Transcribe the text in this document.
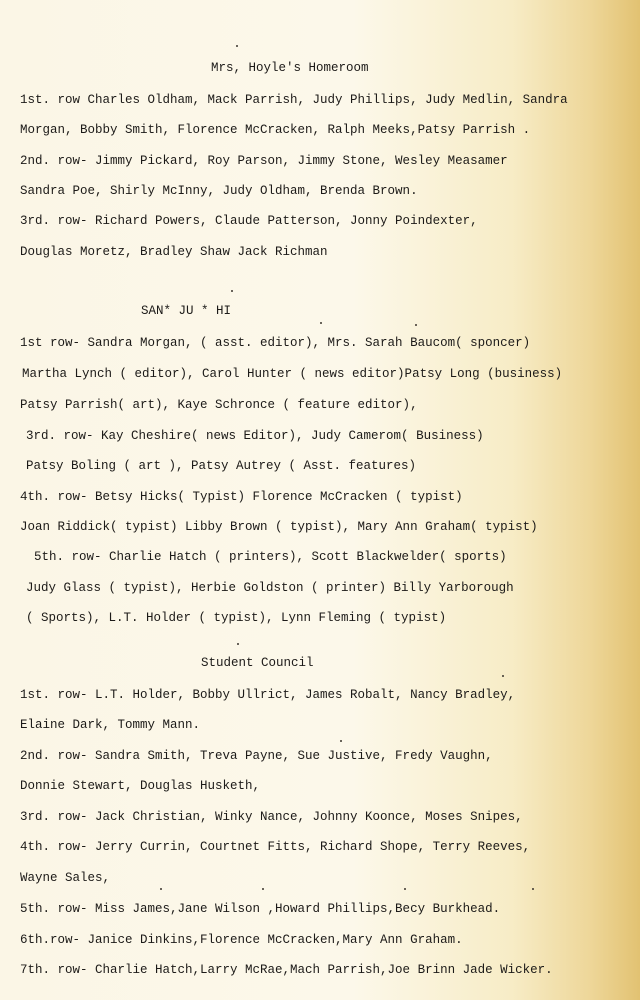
Mrs, Hoyle's Homeroom
1st. row Charles Oldham, Mack Parrish, Judy Phillips, Judy Medlin, Sandra
Morgan, Bobby Smith, Florence McCracken, Ralph Meeks,Patsy Parrish .
2nd. row- Jimmy Pickard, Roy Parson, Jimmy Stone, Wesley Measamer
Sandra Poe, Shirly McInny, Judy Oldham, Brenda Brown.
3rd. row- Richard Powers, Claude Patterson, Jonny Poindexter,
Douglas Moretz, Bradley Shaw Jack Richman
SAN* JU * HI
1st row- Sandra Morgan, ( asst. editor), Mrs. Sarah Baucom( sponcer)
Martha Lynch ( editor), Carol Hunter ( news editor)Patsy Long (business)
Patsy Parrish( art), Kaye Schronce ( feature editor),
3rd. row- Kay Cheshire( news Editor), Judy Camerom( Business)
Patsy Boling ( art ), Patsy Autrey ( Asst. features)
4th. row- Betsy Hicks( Typist) Florence McCracken ( typist)
Joan Riddick( typist) Libby Brown ( typist), Mary Ann Graham( typist)
5th. row- Charlie Hatch ( printers), Scott Blackwelder( sports)
Judy Glass ( typist), Herbie Goldston ( printer) Billy Yarborough
( Sports), L.T. Holder ( typist), Lynn Fleming ( typist)
Student Council
1st. row- L.T. Holder, Bobby Ullrict, James Robalt, Nancy Bradley,
Elaine Dark, Tommy Mann.
2nd. row- Sandra Smith, Treva Payne, Sue Justive, Fredy Vaughn,
Donnie Stewart, Douglas Husketh,
3rd. row- Jack Christian, Winky Nance, Johnny Koonce, Moses Snipes,
4th. row- Jerry Currin, Courtnet Fitts, Richard Shope, Terry Reeves,
Wayne Sales,
5th. row- Miss James,Jane Wilson ,Howard Phillips,Becy Burkhead.
6th.row- Janice Dinkins,Florence McCracken,Mary Ann Graham.
7th. row- Charlie Hatch,Larry McRae,Mach Parrish,Joe Brinn Jade Wicker.
